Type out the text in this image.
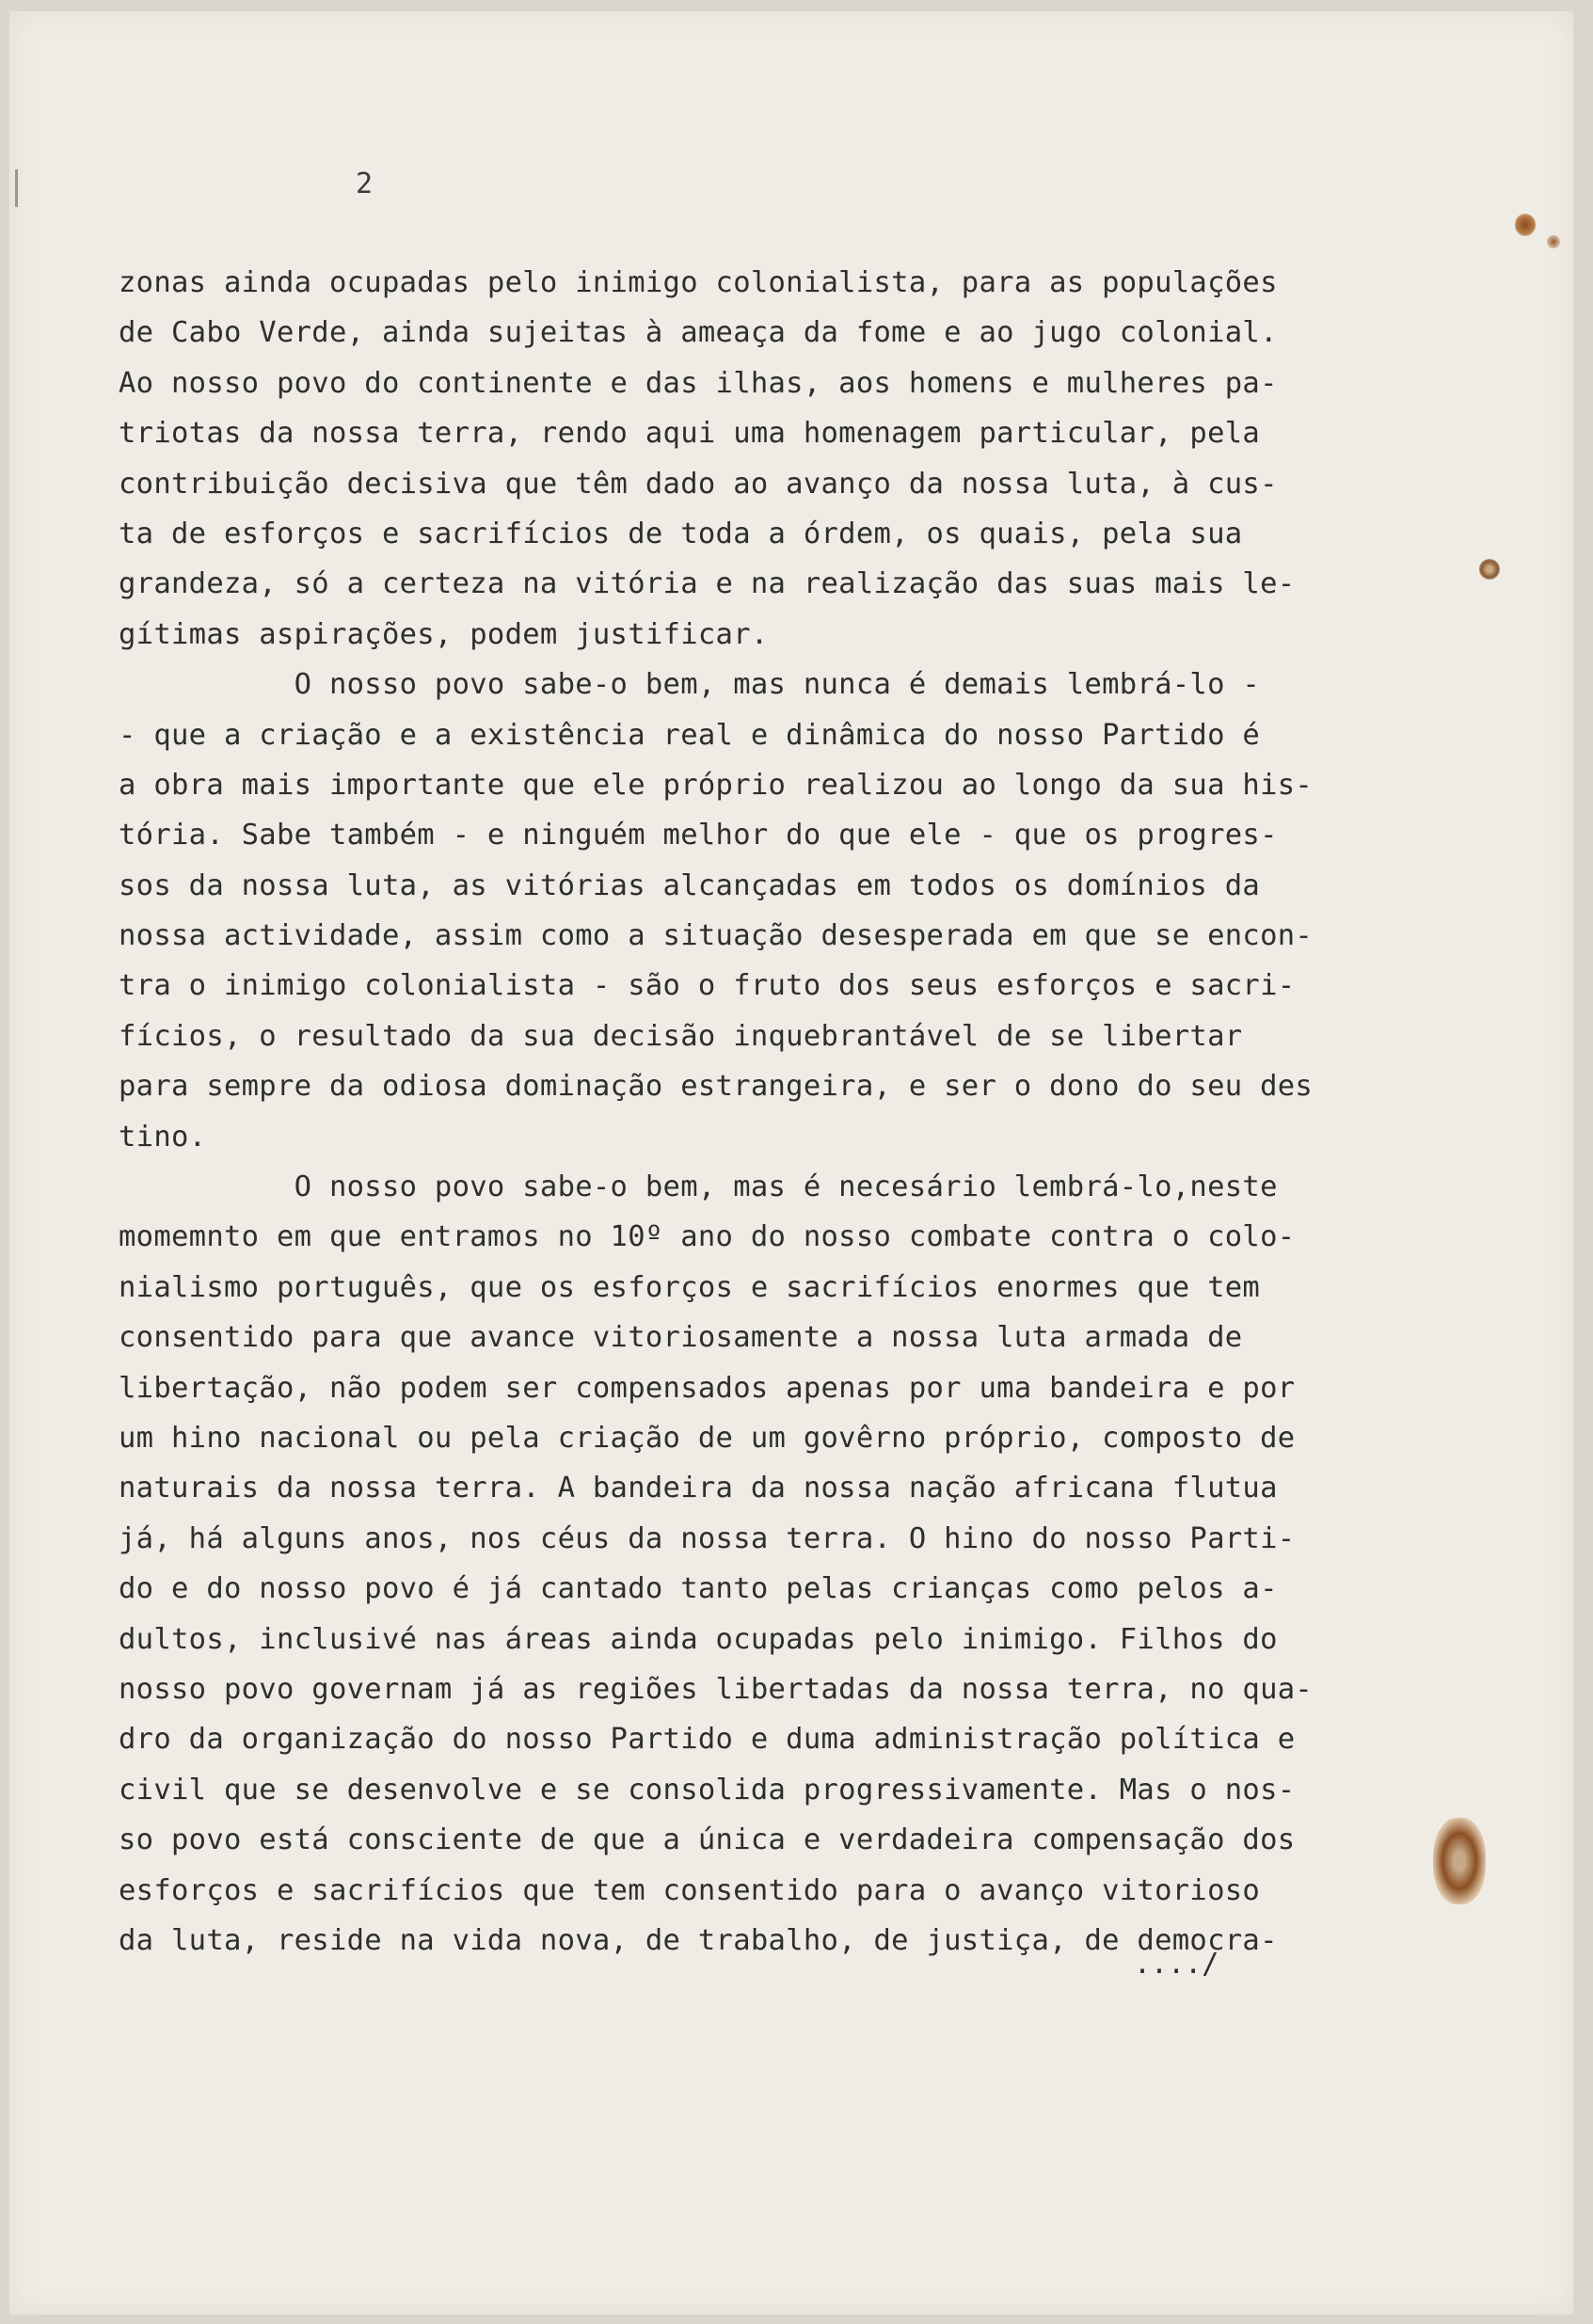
2
zonas ainda ocupadas pelo inimigo colonialista, para as populações
de Cabo Verde, ainda sujeitas à ameaça da fome e ao jugo colonial.
Ao nosso povo do continente e das ilhas, aos homens e mulheres pa-
triotas da nossa terra, rendo aqui uma homenagem particular, pela
contribuição decisiva que têm dado ao avanço da nossa luta, à cus-
ta de esforços e sacrifícios de toda a órdem, os quais, pela sua
grandeza, só a certeza na vitória e na realização das suas mais le-
gítimas aspirações, podem justificar.
O nosso povo sabe-o bem, mas nunca é demais lembrá-lo -
- que a criação e a existência real e dinâmica do nosso Partido é
a obra mais importante que ele próprio realizou ao longo da sua his-
tória. Sabe também - e ninguém melhor do que ele - que os progres-
sos da nossa luta, as vitórias alcançadas em todos os domínios da
nossa actividade, assim como a situação desesperada em que se encon-
tra o inimigo colonialista - são o fruto dos seus esforços e sacri-
fícios, o resultado da sua decisão inquebrantável de se libertar
para sempre da odiosa dominação estrangeira, e ser o dono do seu des
tino.
O nosso povo sabe-o bem, mas é necesário lembrá-lo,neste
momemnto em que entramos no 10º ano do nosso combate contra o colo-
nialismo português, que os esforços e sacrifícios enormes que tem
consentido para que avance vitoriosamente a nossa luta armada de
libertação, não podem ser compensados apenas por uma bandeira e por
um hino nacional ou pela criação de um govêrno próprio, composto de
naturais da nossa terra. A bandeira da nossa nação africana flutua
já, há alguns anos, nos céus da nossa terra. O hino do nosso Parti-
do e do nosso povo é já cantado tanto pelas crianças como pelos a-
dultos, inclusivé nas áreas ainda ocupadas pelo inimigo. Filhos do
nosso povo governam já as regiões libertadas da nossa terra, no qua-
dro da organização do nosso Partido e duma administração política e
civil que se desenvolve e se consolida progressivamente. Mas o nos-
so povo está consciente de que a única e verdadeira compensação dos
esforços e sacrifícios que tem consentido para o avanço vitorioso
da luta, reside na vida nova, de trabalho, de justiça, de democra-
..../
